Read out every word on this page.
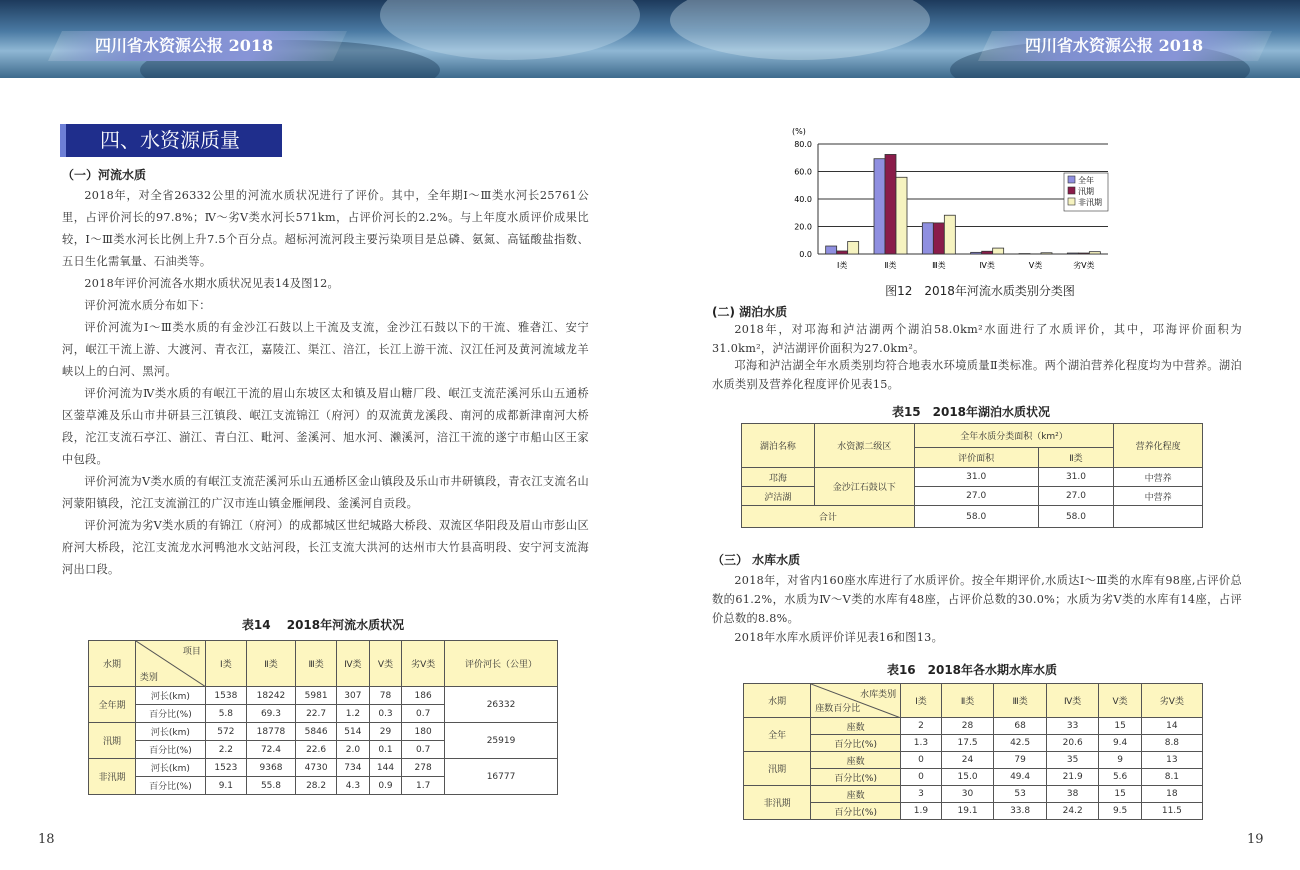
四川省水资源公报 2018	四川省水资源公报 2018
四、水资源质量
（一）河流水质
2018年，对全省26332公里的河流水质状况进行了评价。其中，全年期Ⅰ～Ⅲ类水河长25761公里，占评价河长的97.8%；Ⅳ～劣Ⅴ类水河长571km，占评价河长的2.2%。与上年度水质评价成果比较，Ⅰ～Ⅲ类水河长比例上升7.5个百分点。超标河流河段主要污染项目是总磷、氨氮、高锰酸盐指数、五日生化需氧量、石油类等。
2018年评价河流各水期水质状况见表14及图12。
评价河流水质分布如下：
评价河流为Ⅰ～Ⅲ类水质的有金沙江石鼓以上干流及支流，金沙江石鼓以下的干流、雅砻江、安宁河，岷江干流上游、大渡河、青衣江，嘉陵江、渠江、涪江，长江上游干流、汉江任河及黄河流域龙羊峡以上的白河、黑河。
评价河流为Ⅳ类水质的有岷江干流的眉山东坡区太和镇及眉山糖厂段、岷江支流茫溪河乐山五通桥区蓥草滩及乐山市井研县三江镇段、岷江支流锦江（府河）的双流黄龙溪段、南河的成都新津南河大桥段，沱江支流石亭江、湔江、青白江、毗河、釜溪河、旭水河、濑溪河，涪江干流的遂宁市船山区王家中包段。
评价河流为Ⅴ类水质的有岷江支流茫溪河乐山五通桥区金山镇段及乐山市井研镇段，青衣江支流名山河蒙阳镇段，沱江支流湔江的广汉市连山镇金雁闸段、釜溪河自贡段。
评价河流为劣Ⅴ类水质的有锦江（府河）的成都城区世纪城路大桥段、双流区华阳段及眉山市彭山区府河大桥段，沱江支流龙水河鸭池水文站河段，长江支流大洪河的达州市大竹县高明段、安宁河支流海河出口段。
表14　 2018年河流水质状况
水期	项目
类别	Ⅰ类	Ⅱ类	Ⅲ类	Ⅳ类	Ⅴ类	劣Ⅴ类	评价河长（公里）
全年期	河长(km)	1538	18242	5981	307	78	186	26332
	百分比(%)	5.8	69.3	22.7	1.2	0.3	0.7	
汛期	河长(km)	572	18778	5846	514	29	180	25919
	百分比(%)	2.2	72.4	22.6	2.0	0.1	0.7	
非汛期	河长(km)	1523	9368	4730	734	144	278	16777
	百分比(%)	9.1	55.8	28.2	4.3	0.9	1.7	
18
(%)
0.0
20.0
40.0
60.0
80.0
Ⅰ类	Ⅱ类	Ⅲ类	Ⅳ类	Ⅴ类	劣Ⅴ类
全年
汛期
非汛期
图12　2018年河流水质类别分类图
(二) 湖泊水质
2018年，对邛海和泸沽湖两个湖泊58.0km²水面进行了水质评价，其中，邛海评价面积为31.0km²，泸沽湖评价面积为27.0km²。
邛海和泸沽湖全年水质类别均符合地表水环境质量Ⅱ类标准。两个湖泊营养化程度均为中营养。湖泊水质类别及营养化程度评价见表15。
表15　2018年湖泊水质状况
湖泊名称	水资源二级区	全年水质分类面积（km²）		营养化程度
		评价面积	Ⅱ类	
邛海	金沙江石鼓以下	31.0	31.0	中营养
泸沽湖		27.0	27.0	中营养
合计		58.0	58.0	
（三） 水库水质
2018年，对省内160座水库进行了水质评价。按全年期评价,水质达Ⅰ～Ⅲ类的水库有98座,占评价总数的61.2%，水质为Ⅳ～Ⅴ类的水库有48座，占评价总数的30.0%；水质为劣Ⅴ类的水库有14座，占评价总数的8.8%。
2018年水库水质评价详见表16和图13。
表16　2018年各水期水库水质
水期	水库类别
座数百分比	Ⅰ类	Ⅱ类	Ⅲ类	Ⅳ类	Ⅴ类	劣Ⅴ类
全年	座数	2	28	68	33	15	14
	百分比(%)	1.3	17.5	42.5	20.6	9.4	8.8
汛期	座数	0	24	79	35	9	13
	百分比(%)	0	15.0	49.4	21.9	5.6	8.1
非汛期	座数	3	30	53	38	15	18
	百分比(%)	1.9	19.1	33.8	24.2	9.5	11.5
19
